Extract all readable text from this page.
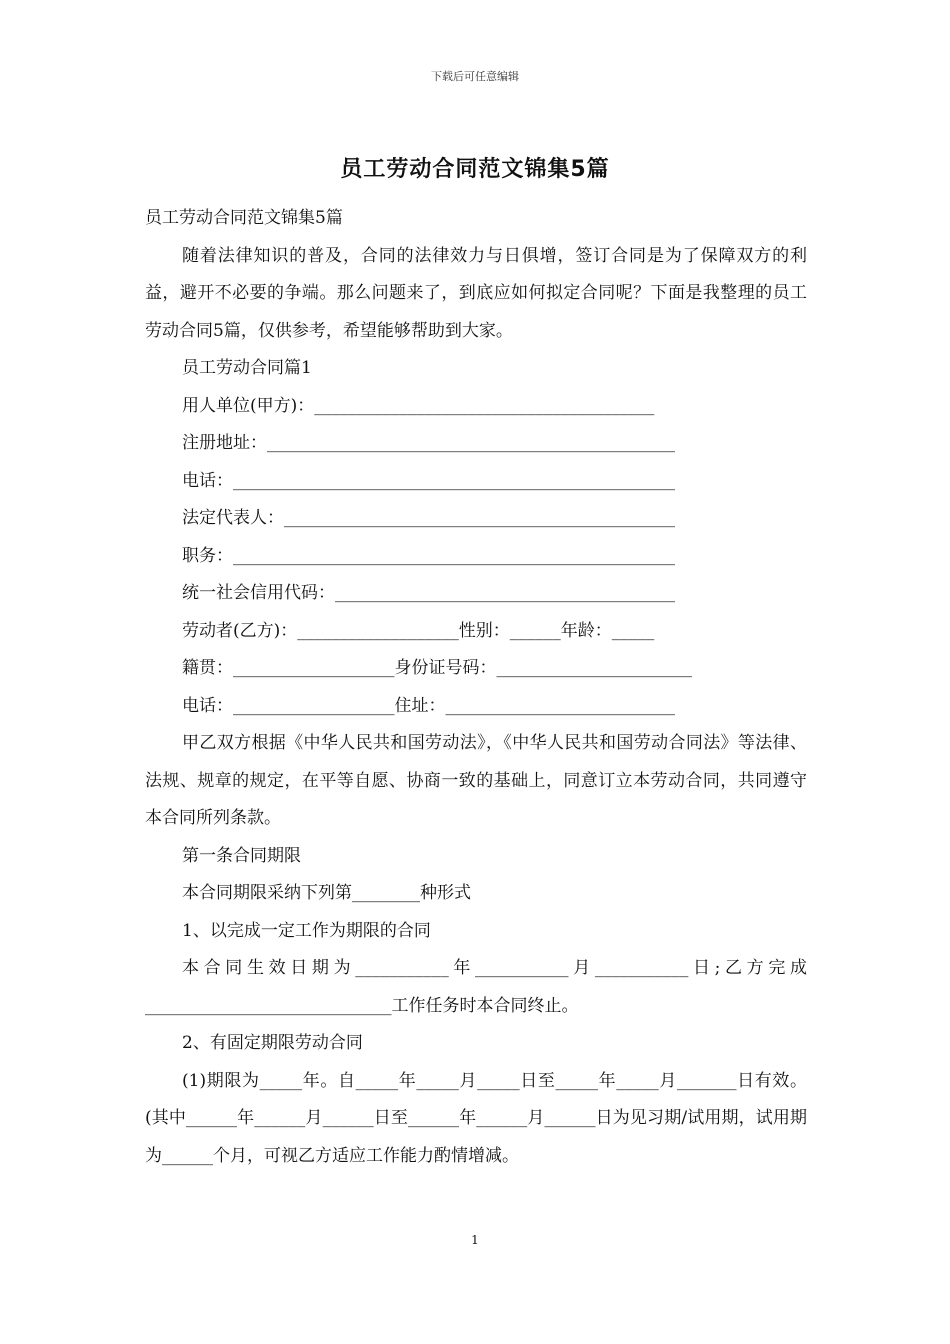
下载后可任意编辑
员工劳动合同范文锦集5篇

员工劳动合同范文锦集5篇

随着法律知识的普及，合同的法律效力与日俱增，签订合同是为了保障双方的利益，避开不必要的争端。那么问题来了，到底应如何拟定合同呢？下面是我整理的员工劳动合同5篇，仅供参考，希望能够帮助到大家。

员工劳动合同篇1

用人单位(甲方)：________________________________________

注册地址：________________________________________________

电话：____________________________________________________

法定代表人：______________________________________________

职务：____________________________________________________

统一社会信用代码：________________________________________

劳动者(乙方)：___________________性别：______年龄：_____

籍贯：___________________身份证号码：_______________________

电话：___________________住址：___________________________

甲乙双方根据《中华人民共和国劳动法》，《中华人民共和国劳动合同法》等法律、法规、规章的规定，在平等自愿、协商一致的基础上，同意订立本劳动合同，共同遵守本合同所列条款。

第一条合同期限

本合同期限采纳下列第________种形式

1、以完成一定工作为期限的合同

本合同生效日期为___________年___________月___________日;乙方完成_____________________________工作任务时本合同终止。

2、有固定期限劳动合同

(1)期限为_____年。自_____年_____月_____日至_____年_____月_______日有效。(其中______年______月______日至______年______月______日为见习期/试用期，试用期为______个月，可视乙方适应工作能力酌情增减。

1
